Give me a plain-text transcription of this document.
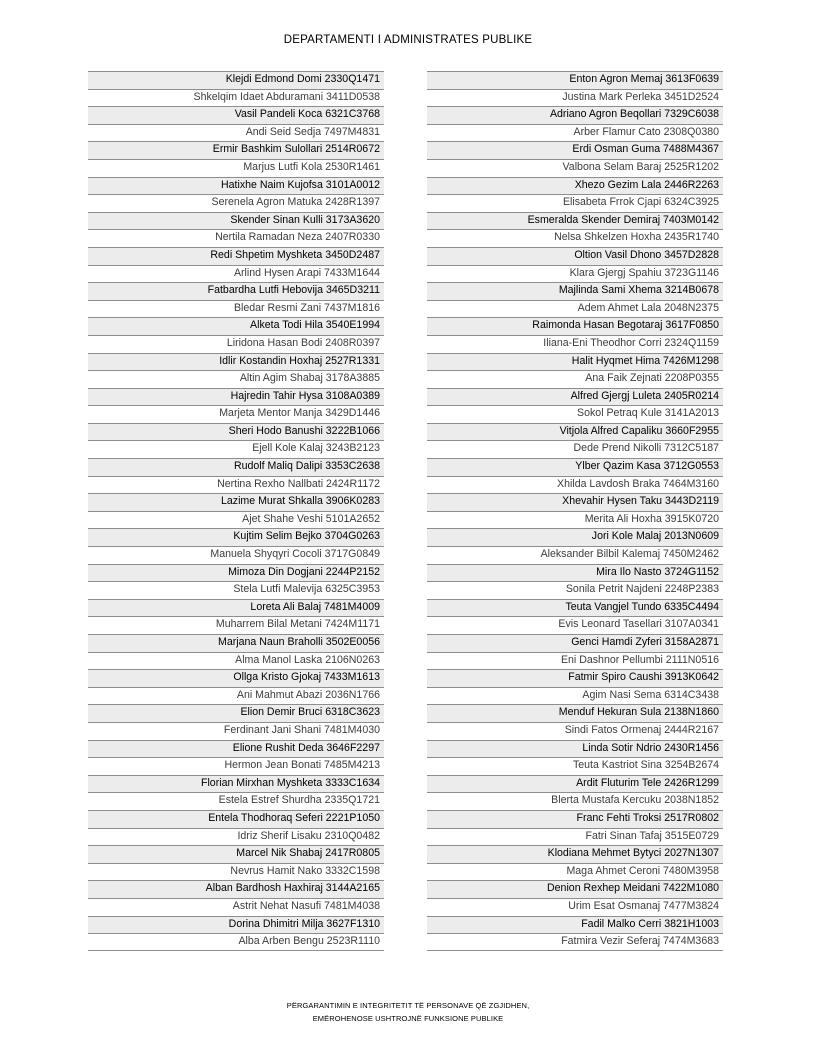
DEPARTAMENTI I ADMINISTRATES PUBLIKE
Klejdi Edmond Domi 2330Q1471
Shkelqim Idaet Abduramani 3411D0538
Vasil Pandeli Koca 6321C3768
Andi Seid Sedja 7497M4831
Ermir Bashkim Sulollari 2514R0672
Marjus Lutfi Kola 2530R1461
Hatixhe Naim Kujofsa 3101A0012
Serenela Agron Matuka 2428R1397
Skender Sinan Kulli 3173A3620
Nertila Ramadan Neza 2407R0330
Redi Shpetim Myshketa 3450D2487
Arlind Hysen Arapi 7433M1644
Fatbardha Lutfi Hebovija 3465D3211
Bledar Resmi Zani 7437M1816
Alketa Todi Hila 3540E1994
Liridona Hasan Bodi 2408R0397
Idlir Kostandin Hoxhaj 2527R1331
Altin Agim Shabaj 3178A3885
Hajredin Tahir Hysa 3108A0389
Marjeta Mentor Manja 3429D1446
Sheri Hodo Banushi 3222B1066
Ejell Kole Kalaj 3243B2123
Rudolf Maliq Dalipi 3353C2638
Nertina Rexho Nallbati 2424R1172
Lazime Murat Shkalla 3906K0283
Ajet Shahe Veshi 5101A2652
Kujtim Selim Bejko 3704G0263
Manuela Shyqyri Cocoli 3717G0849
Mimoza Din Dogjani 2244P2152
Stela Lutfi Malevija 6325C3953
Loreta Ali Balaj 7481M4009
Muharrem Bilal Metani 7424M1171
Marjana Naun Braholli 3502E0056
Alma Manol Laska 2106N0263
Ollga Kristo Gjokaj 7433M1613
Ani Mahmut Abazi 2036N1766
Elion Demir Bruci 6318C3623
Ferdinant Jani Shani 7481M4030
Elione Rushit Deda 3646F2297
Hermon Jean Bonati 7485M4213
Florian Mirxhan Myshketa 3333C1634
Estela Estref Shurdha 2335Q1721
Entela Thodhoraq Seferi 2221P1050
Idriz Sherif Lisaku 2310Q0482
Marcel Nik Shabaj 2417R0805
Nevrus Hamit Nako 3332C1598
Alban Bardhosh Haxhiraj 3144A2165
Astrit Nehat Nasufi 7481M4038
Dorina Dhimitri Milja 3627F1310
Alba Arben Bengu 2523R1110
Enton Agron Memaj 3613F0639
Justina Mark Perleka 3451D2524
Adriano Agron Beqollari 7329C6038
Arber Flamur Cato 2308Q0380
Erdi Osman Guma 7488M4367
Valbona Selam Baraj 2525R1202
Xhezo Gezim Lala 2446R2263
Elisabeta Frrok Cjapi 6324C3925
Esmeralda Skender Demiraj 7403M0142
Nelsa Shkelzen Hoxha 2435R1740
Oltion Vasil Dhono 3457D2828
Klara Gjergj Spahiu 3723G1146
Majlinda Sami Xhema 3214B0678
Adem Ahmet Lala 2048N2375
Raimonda Hasan Begotaraj 3617F0850
Iliana-Eni Theodhor Corri 2324Q1159
Halit Hyqmet Hima 7426M1298
Ana Faik Zejnati 2208P0355
Alfred Gjergj Luleta 2405R0214
Sokol Petraq Kule 3141A2013
Vitjola Alfred Capaliku 3660F2955
Dede Prend Nikolli 7312C5187
Ylber Qazim Kasa 3712G0553
Xhilda Lavdosh Braka 7464M3160
Xhevahir Hysen Taku 3443D2119
Merita Ali Hoxha 3915K0720
Jori Kole Malaj 2013N0609
Aleksander Bilbil Kalemaj 7450M2462
Mira Ilo Nasto 3724G1152
Sonila Petrit Najdeni 2248P2383
Teuta Vangjel Tundo 6335C4494
Evis Leonard Tasellari 3107A0341
Genci Hamdi Zyferi 3158A2871
Eni Dashnor Pellumbi 2111N0516
Fatmir Spiro Caushi 3913K0642
Agim Nasi Sema 6314C3438
Menduf Hekuran Sula 2138N1860
Sindi Fatos Ormenaj 2444R2167
Linda Sotir Ndrio 2430R1456
Teuta Kastriot Sina 3254B2674
Ardit Fluturim Tele 2426R1299
Blerta Mustafa Kercuku 2038N1852
Franc Fehti Troksi 2517R0802
Fatri Sinan Tafaj 3515E0729
Klodiana Mehmet Bytyci 2027N1307
Maga Ahmet Ceroni 7480M3958
Denion Rexhep Meidani 7422M1080
Urim Esat Osmanaj 7477M3824
Fadil Malko Cerri 3821H1003
Fatmira Vezir Seferaj 7474M3683
PËRGARANTIMIN E INTEGRITETIT TË PERSONAVE QË ZGJIDHEN,
EMËROHENOSE USHTROJNË FUNKSIONE PUBLIKE
